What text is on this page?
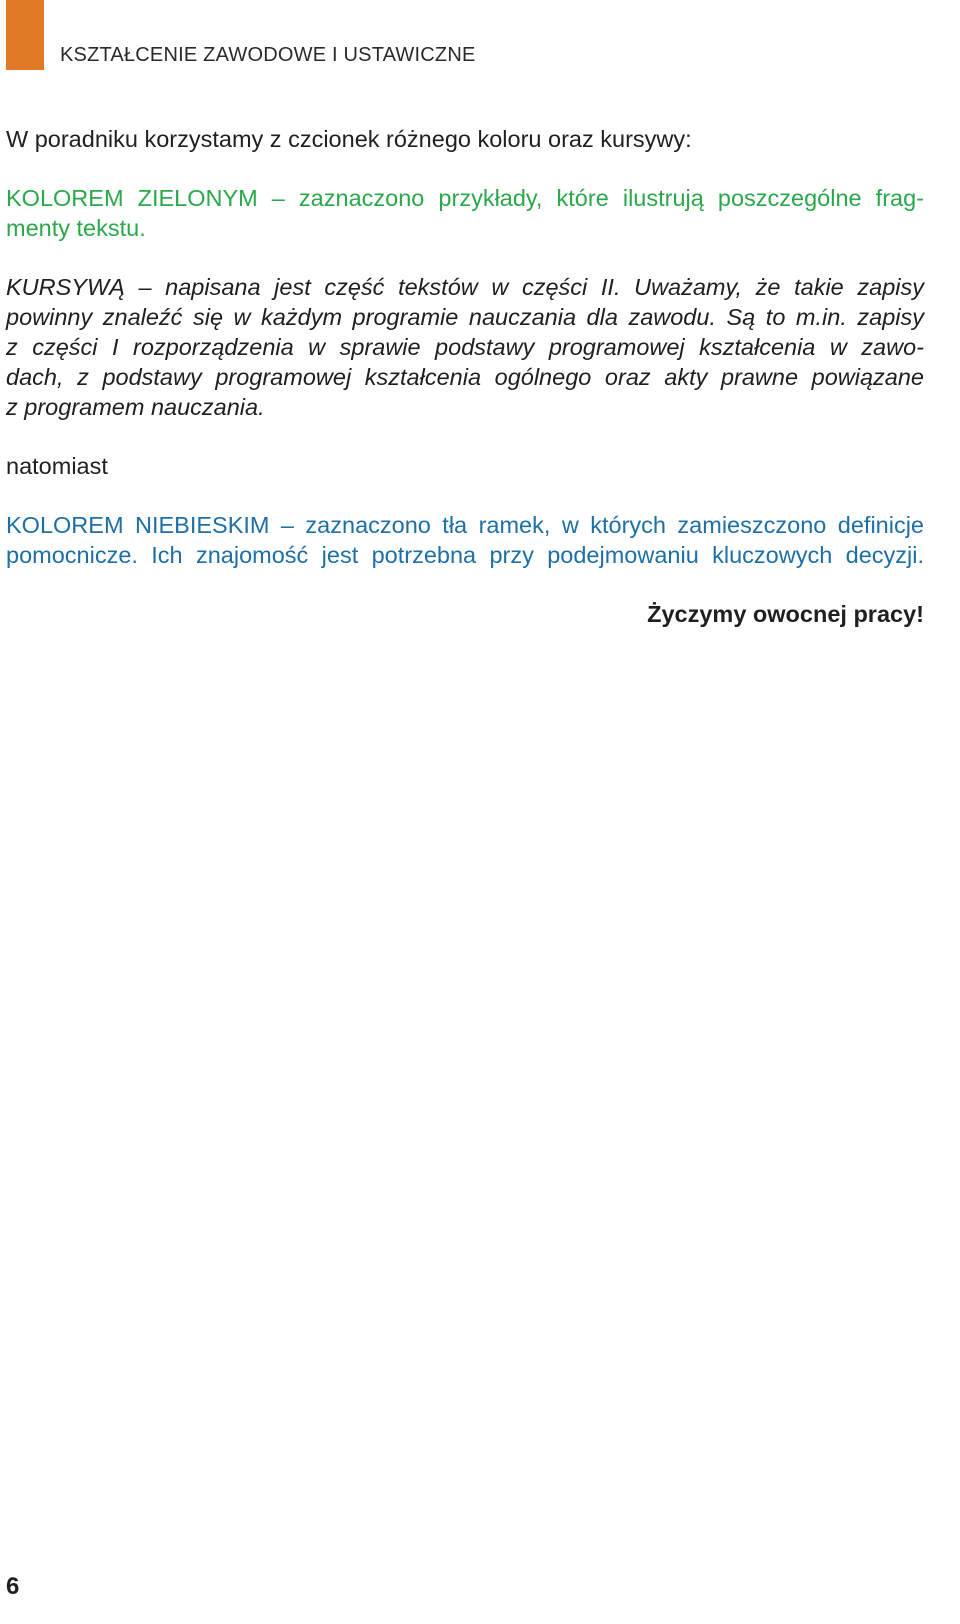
KSZTAŁCENIE ZAWODOWE I USTAWICZNE

W poradniku korzystamy z czcionek różnego koloru oraz kursywy:

KOLOREM ZIELONYM – zaznaczono przykłady, które ilustrują poszczególne frag-
menty tekstu.

KURSYWĄ – napisana jest część tekstów w części II. Uważamy, że takie zapisy
powinny znaleźć się w każdym programie nauczania dla zawodu. Są to m.in. zapisy
z części I rozporządzenia w sprawie podstawy programowej kształcenia w zawo-
dach, z podstawy programowej kształcenia ogólnego oraz akty prawne powiązane
z programem nauczania.

natomiast

KOLOREM NIEBIESKIM – zaznaczono tła ramek, w których zamieszczono definicje
pomocnicze. Ich znajomość jest potrzebna przy podejmowaniu kluczowych decyzji.

Życzymy owocnej pracy!

6
